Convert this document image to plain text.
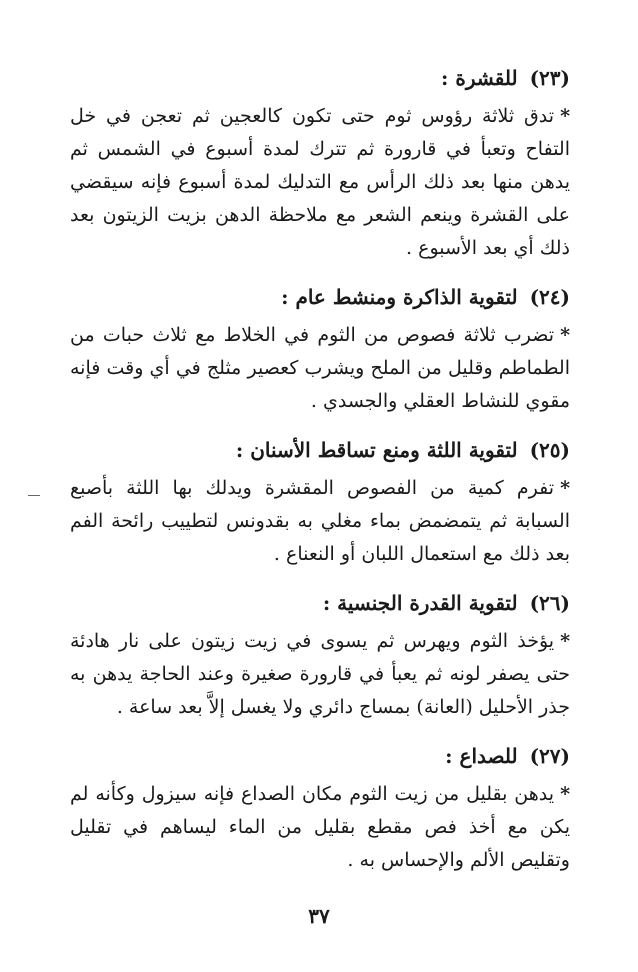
(٢٣)
للقشرة :
*تدق ثلاثة رؤوس ثوم حتى تكون كالعجين ثم تعجن في خل التفاح وتعبأ في قارورة ثم تترك لمدة أسبوع في الشمس ثم يدهن منها بعد ذلك الرأس مع التدليك لمدة أسبوع فإنه سيقضي على القشرة وينعم الشعر مع ملاحظة الدهن بزيت الزيتون بعد ذلك أي بعد الأسبوع .
(٢٤)
لتقوية الذاكرة ومنشط عام :
*تضرب ثلاثة فصوص من الثوم في الخلاط مع ثلاث حبات من الطماطم وقليل من الملح ويشرب كعصير مثلج في أي وقت فإنه مقوي للنشاط العقلي والجسدي .
(٢٥)
لتقوية اللثة ومنع تساقط الأسنان :
*تفرم كمية من الفصوص المقشرة ويدلك بها اللثة بأصبع السبابة ثم يتمضمض بماء مغلي به بقدونس لتطييب رائحة الفم بعد ذلك مع استعمال اللبان أو النعناع .
(٢٦)
لتقوية القدرة الجنسية :
*يؤخذ الثوم ويهرس ثم يسوى في زيت زيتون على نار هادئة حتى يصفر لونه ثم يعبأ في قارورة صغيرة وعند الحاجة يدهن به جذر الأحليل (العانة) بمساج دائري ولا يغسل إلاَّ بعد ساعة .
(٢٧)
للصداع :
*يدهن بقليل من زيت الثوم مكان الصداع فإنه سيزول وكأنه لم يكن مع أخذ فص مقطع بقليل من الماء ليساهم في تقليل وتقليص الألم والإحساس به .
٣٧
